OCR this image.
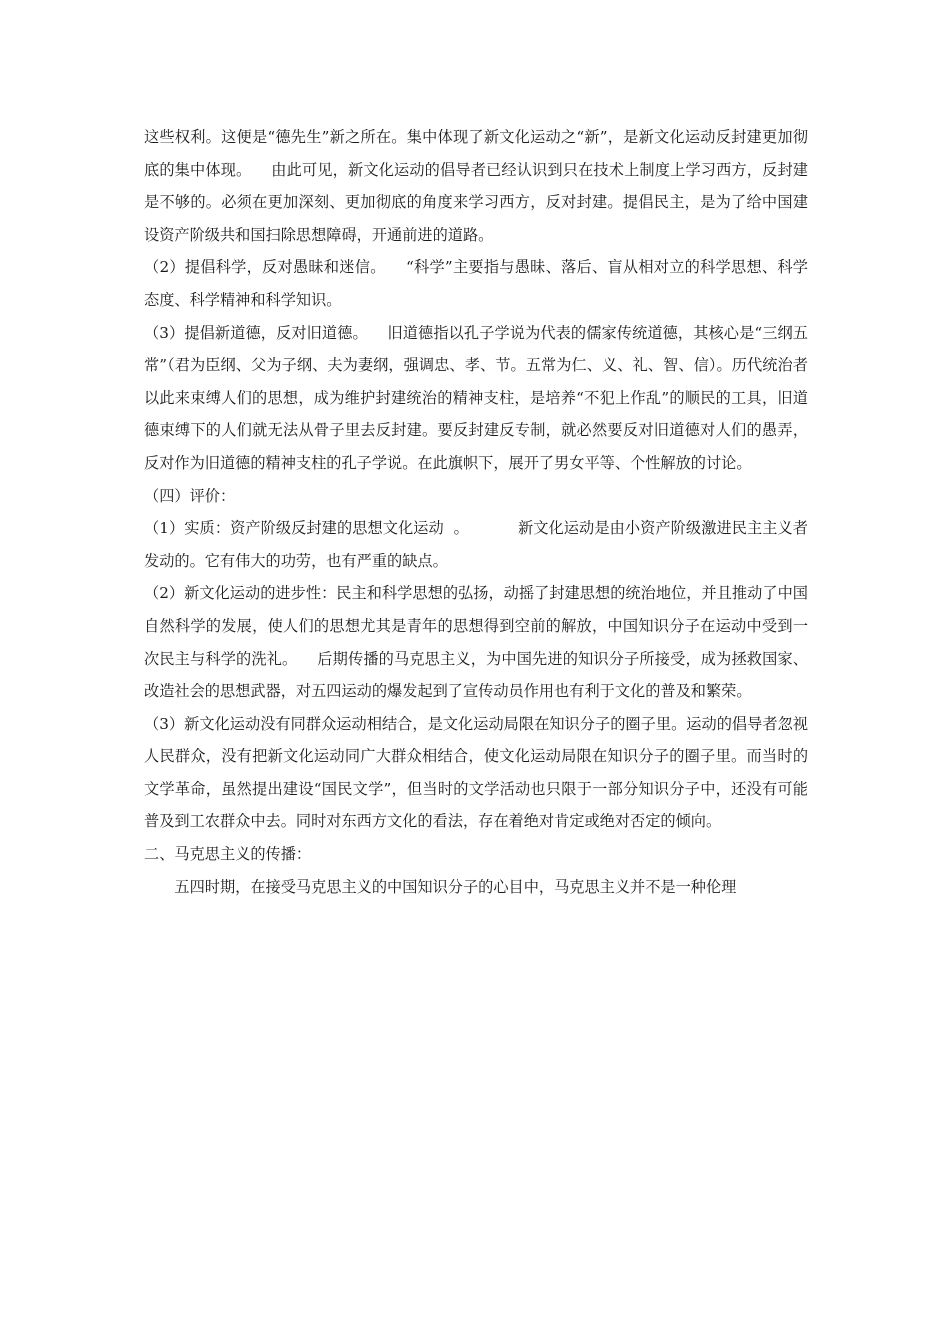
这些权利。这便是“德先生”新之所在。集中体现了新文化运动之“新”，是新文化运动反封建更加彻底的集中体现。    由此可见，新文化运动的倡导者已经认识到只在技术上制度上学习西方，反封建是不够的。必须在更加深刻、更加彻底的角度来学习西方，反对封建。提倡民主，是为了给中国建设资产阶级共和国扫除思想障碍，开通前进的道路。

（2）提倡科学，反对愚昧和迷信。    “科学”主要指与愚昧、落后、盲从相对立的科学思想、科学态度、科学精神和科学知识。

（3）提倡新道德，反对旧道德。    旧道德指以孔子学说为代表的儒家传统道德，其核心是“三纲五常”（君为臣纲、父为子纲、夫为妻纲，强调忠、孝、节。五常为仁、义、礼、智、信）。历代统治者以此来束缚人们的思想，成为维护封建统治的精神支柱，是培养“不犯上作乱”的顺民的工具，旧道德束缚下的人们就无法从骨子里去反封建。要反封建反专制，就必然要反对旧道德对人们的愚弄，反对作为旧道德的精神支柱的孔子学说。在此旗帜下，展开了男女平等、个性解放的讨论。

（四）评价：

（1）实质：资产阶级反封建的思想文化运动  。          新文化运动是由小资产阶级激进民主主义者发动的。它有伟大的功劳，也有严重的缺点。

（2）新文化运动的进步性：民主和科学思想的弘扬，动摇了封建思想的统治地位，并且推动了中国自然科学的发展，使人们的思想尤其是青年的思想得到空前的解放，中国知识分子在运动中受到一次民主与科学的洗礼。    后期传播的马克思主义，为中国先进的知识分子所接受，成为拯救国家、改造社会的思想武器，对五四运动的爆发起到了宣传动员作用也有利于文化的普及和繁荣。

（3）新文化运动没有同群众运动相结合，是文化运动局限在知识分子的圈子里。运动的倡导者忽视人民群众，没有把新文化运动同广大群众相结合，使文化运动局限在知识分子的圈子里。而当时的文学革命，虽然提出建设“国民文学”，但当时的文学活动也只限于一部分知识分子中，还没有可能普及到工农群众中去。同时对东西方文化的看法，存在着绝对肯定或绝对否定的倾向。

二、马克思主义的传播：

五四时期，在接受马克思主义的中国知识分子的心目中，马克思主义并不是一种伦理
